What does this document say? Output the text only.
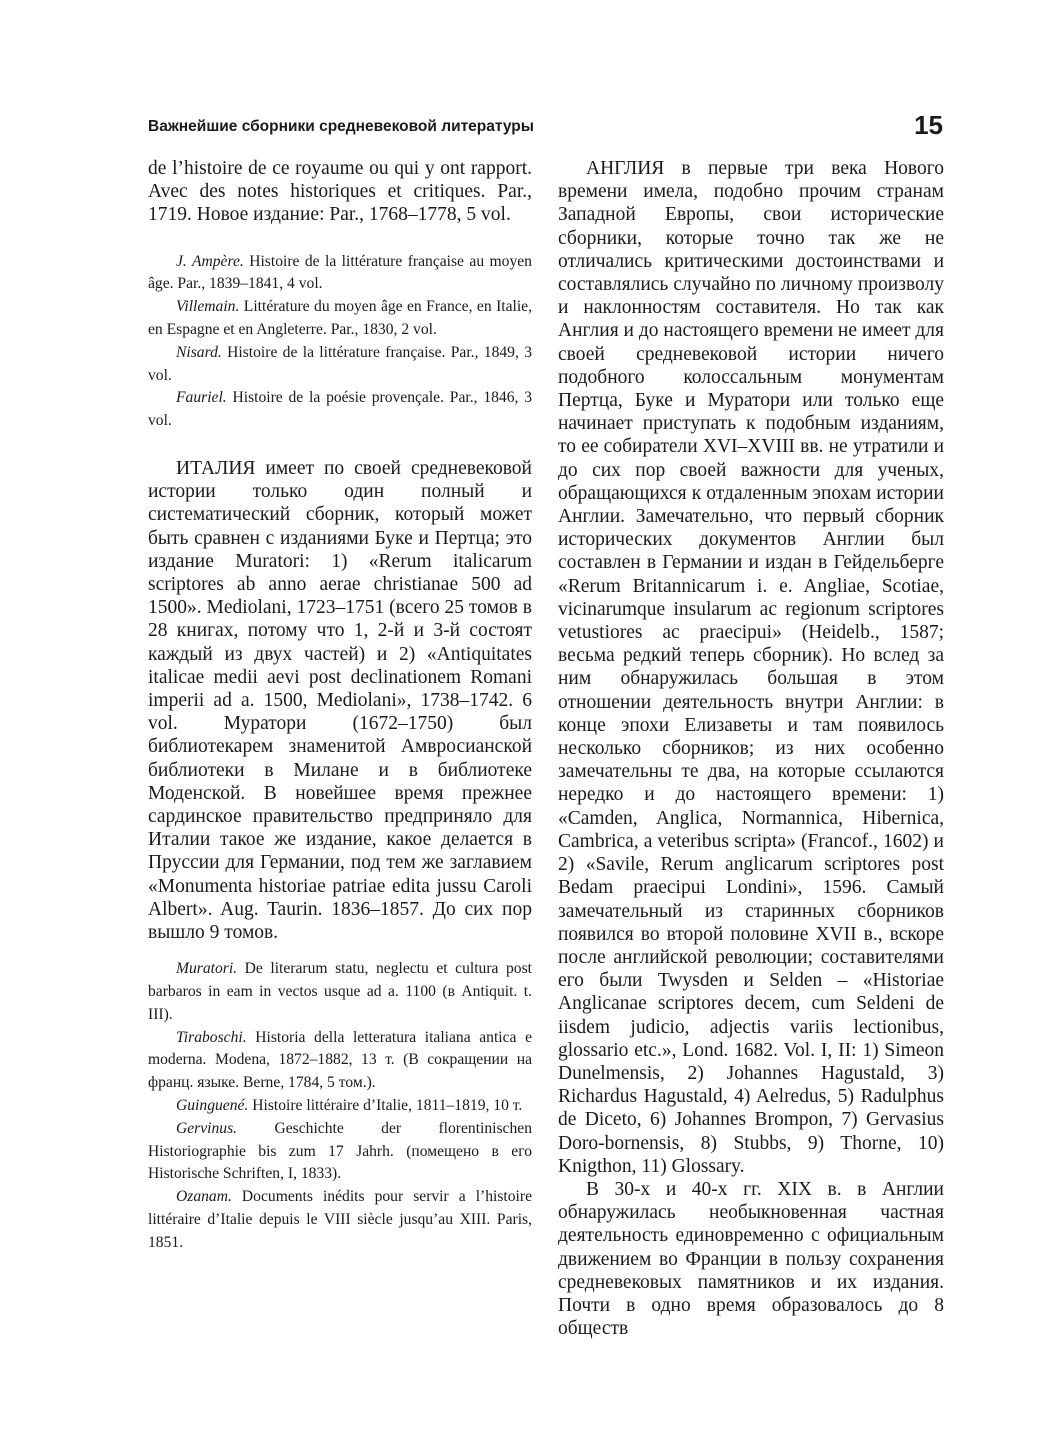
Важнейшие сборники средневековой литературы	15

de l’histoire de ce royaume ou qui y ont rapport. Avec des notes historiques et critiques. Par., 1719. Новое издание: Par., 1768–1778, 5 vol.

J. Ampère. Histoire de la littérature française au moyen âge. Par., 1839–1841, 4 vol.

Villemain. Littérature du moyen âge en France, en Italie, en Espagne et en Angleterre. Par., 1830, 2 vol.

Nisard. Histoire de la littérature française. Par., 1849, 3 vol.

Fauriel. Histoire de la poésie provençale. Par., 1846, 3 vol.

ИТАЛИЯ имеет по своей средневековой истории только один полный и систематический сборник, который может быть сравнен с изданиями Буке и Пертца; это издание Muratori: 1) «Rerum italicarum scriptores ab anno aerae christianae 500 ad 1500». Mediolani, 1723–1751 (всего 25 томов в 28 книгах, потому что 1, 2-й и 3-й состоят каждый из двух частей) и 2) «Antiquitates italicae medii aevi post declinationem Romani imperii ad a. 1500, Mediolani», 1738–1742. 6 vol. Муратори (1672–1750) был библиотекарем знаменитой Амвросианской библиотеки в Милане и в библиотеке Моденской. В новейшее время прежнее сардинское правительство предприняло для Италии такое же издание, какое делается в Пруссии для Германии, под тем же заглавием «Monumenta historiae patriae edita jussu Caroli Albert». Aug. Taurin. 1836–1857. До сих пор вышло 9 томов.

Muratori. De literarum statu, neglectu et cultura post barbaros in eam in vectos usque ad a. 1100 (в Antiquit. t. III).

Tiraboschi. Historia della letteratura italiana antica e moderna. Modena, 1872–1882, 13 т. (В сокращении на франц. языке. Berne, 1784, 5 том.).

Guinguené. Histoire littéraire d’Italie, 1811–1819, 10 т.

Gervinus. Geschichte der florentinischen Historiographie bis zum 17 Jahrh. (помещено в его Historische Schriften, I, 1833).

Ozanam. Documents inédits pour servir a l’histoire littéraire d’Italie depuis le VIII siècle jusqu’au XIII. Paris, 1851.

АНГЛИЯ в первые три века Нового времени имела, подобно прочим странам Западной Европы, свои исторические сборники, которые точно так же не отличались критическими достоинствами и составлялись случайно по личному произволу и наклонностям составителя. Но так как Англия и до настоящего времени не имеет для своей средневековой истории ничего подобного колоссальным монументам Пертца, Буке и Муратори или только еще начинает приступать к подобным изданиям, то ее собиратели XVI–XVIII вв. не утратили и до сих пор своей важности для ученых, обращающихся к отдаленным эпохам истории Англии. Замечательно, что первый сборник исторических документов Англии был составлен в Германии и издан в Гейдельберге «Rerum Britannicarum i. e. Angliae, Scotiae, vicinarumque insularum ac regionum scriptores vetustiores ac praecipui» (Heidelb., 1587; весьма редкий теперь сборник). Но вслед за ним обнаружилась большая в этом отношении деятельность внутри Англии: в конце эпохи Елизаветы и там появилось несколько сборников; из них особенно замечательны те два, на которые ссылаются нередко и до настоящего времени: 1) «Camden, Anglica, Normannica, Hibernica, Cambrica, a veteribus scripta» (Francof., 1602) и 2) «Savile, Rerum anglicarum scriptores post Bedam praecipui Londini», 1596. Самый замечательный из старинных сборников появился во второй половине XVII в., вскоре после английской революции; составителями его были Twysden и Selden – «Historiae Anglicanae scriptores decem, cum Seldeni de iisdem judicio, adjectis variis lectionibus, glossario etc.», Lond. 1682. Vol. I, II: 1) Simeon Dunelmensis, 2) Johannes Hagustald, 3) Richardus Hagustald, 4) Aelredus, 5) Radulphus de Diceto, 6) Johannes Brompon, 7) Gervasius Doro-bornensis, 8) Stubbs, 9) Thorne, 10) Knigthon, 11) Glossary.

В 30-х и 40-х гг. XIX в. в Англии обнаружилась необыкновенная частная деятельность единовременно с официальным движением во Франции в пользу сохранения средневековых памятников и их издания. Почти в одно время образовалось до 8 обществ
